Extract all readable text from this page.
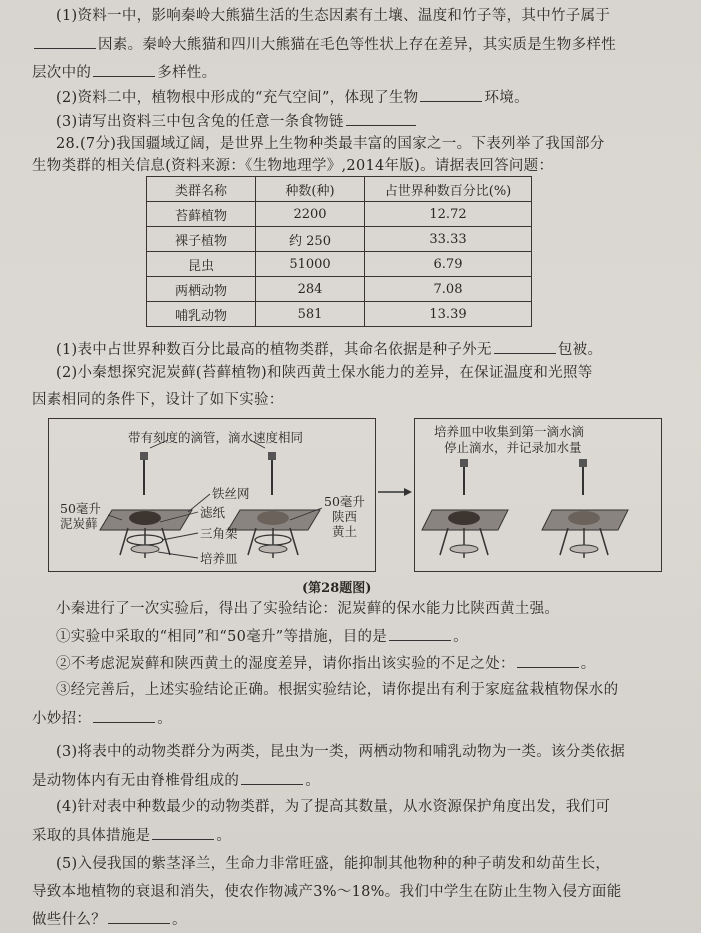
(1)资料一中，影响秦岭大熊猫生活的生态因素有土壤、温度和竹子等，其中竹子属于
因素。秦岭大熊猫和四川大熊猫在毛色等性状上存在差异，其实质是生物多样性
层次中的	多样性。
(2)资料二中，植物根中形成的“充气空间”，体现了生物	环境。
(3)请写出资料三中包含兔的任意一条食物链
28.(7分)我国疆域辽阔，是世界上生物种类最丰富的国家之一。下表列举了我国部分
生物类群的相关信息(资料来源：《生物地理学》,2014年版)。请据表回答问题：
类群名称	种数(种)	占世界种数百分比(%)
苔藓植物	2200	12.72
裸子植物	约 250	33.33
昆虫	51000	6.79
两栖动物	284	7.08
哺乳动物	581	13.39
(1)表中占世界种数百分比最高的植物类群，其命名依据是种子外无	包被。
(2)小秦想探究泥炭藓(苔藓植物)和陕西黄土保水能力的差异，在保证温度和光照等
因素相同的条件下，设计了如下实验：
带有刻度的滴管，滴水速度相同
铁丝网
50毫升
泥炭藓
滤纸
三角架
培养皿
50毫升
陕西
黄土
培养皿中收集到第一滴水滴
停止滴水，并记录加水量
(第28题图)
小秦进行了一次实验后，得出了实验结论：泥炭藓的保水能力比陕西黄土强。
①实验中采取的“相同”和“50毫升”等措施，目的是	。
②不考虑泥炭藓和陕西黄土的湿度差异，请你指出该实验的不足之处：	。
③经完善后，上述实验结论正确。根据实验结论，请你提出有利于家庭盆栽植物保水的
小妙招：	。
(3)将表中的动物类群分为两类，昆虫为一类，两栖动物和哺乳动物为一类。该分类依据
是动物体内有无由脊椎骨组成的	。
(4)针对表中种数最少的动物类群，为了提高其数量，从水资源保护角度出发，我们可
采取的具体措施是	。
(5)入侵我国的紫茎泽兰，生命力非常旺盛，能抑制其他物种的种子萌发和幼苗生长，
导致本地植物的衰退和消失，使农作物减产3%～18%。我们中学生在防止生物入侵方面能
做些什么？	。
